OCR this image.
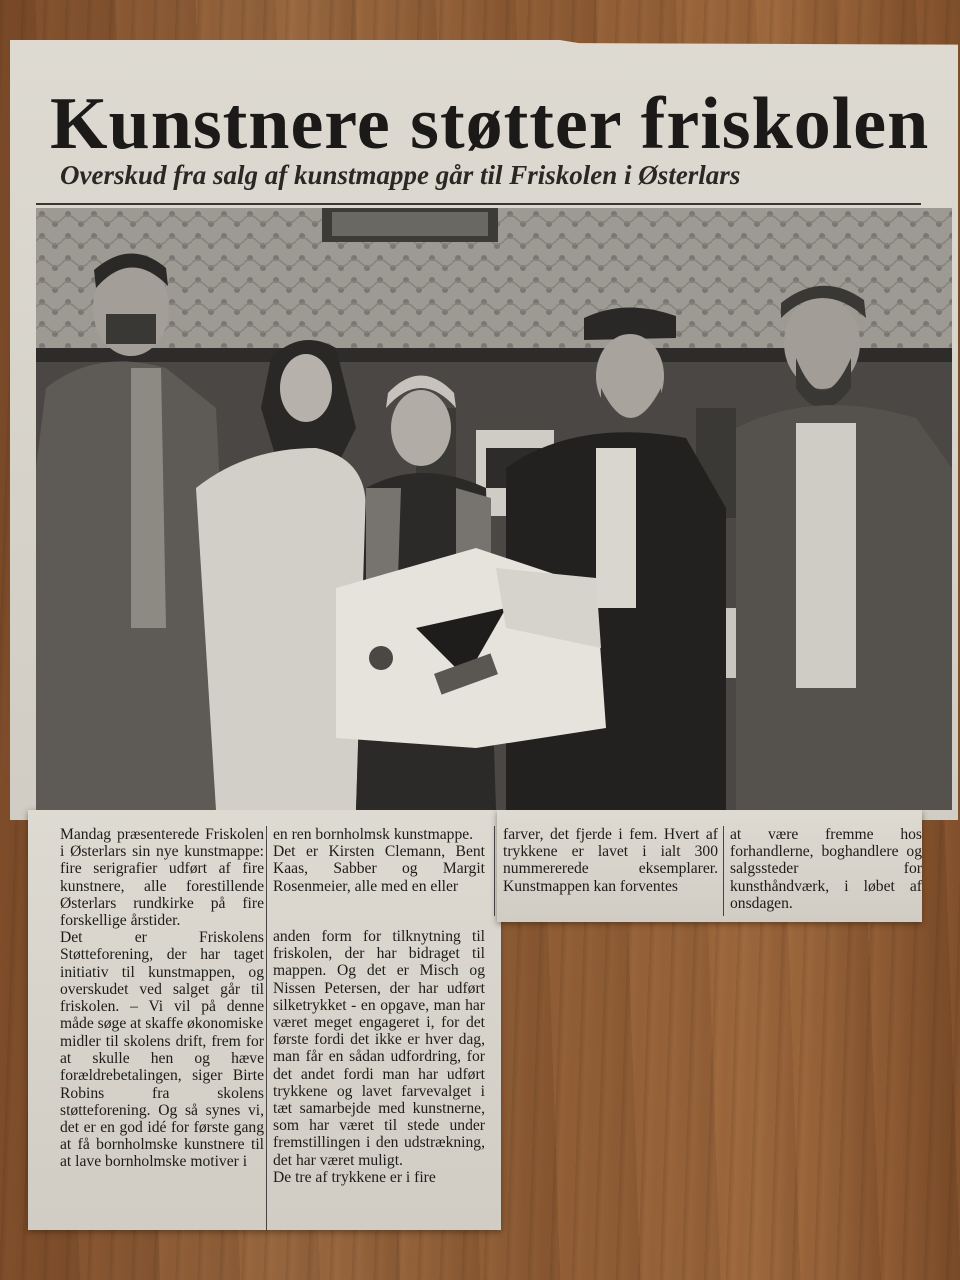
Kunstnere støtter friskolen
Overskud fra salg af kunstmappe går til Friskolen i Østerlars

Mandag præsenterede Friskolen i Østerlars sin nye kunstmappe: fire serigrafier udført af fire kunstnere, alle forestillende Østerlars rundkirke på fire forskellige årstider.
Det er Friskolens Støtteforening, der har taget initiativ til kunstmappen, og overskudet ved salget går til friskolen. – Vi vil på denne måde søge at skaffe økonomiske

midler til skolens drift, frem for at skulle hen og hæve forældrebetalingen, siger Birte Robins fra skolens støtteforening. Og så synes vi, det er en god idé for første gang at få bornholmske kunstnere til at lave bornholmske motiver i

en ren bornholmsk kunstmappe.
Det er Kirsten Clemann, Bent Kaas, Sabber og Margit Rosenmeier, alle med en eller

anden form for tilknytning til friskolen, der har bidraget til mappen. Og det er Misch og Nissen Petersen, der har udført silketrykket - en opgave, man har været meget engageret i, for det første fordi det ikke er hver dag, man får en sådan udfordring, for det andet fordi man har udført trykkene og lavet farvevalget i tæt samarbejde med kunstnerne, som har været til stede under fremstillingen i den udstrækning, det har været muligt.
De tre af trykkene er i fire

farver, det fjerde i fem. Hvert af trykkene er lavet i ialt 300 nummererede eksemplarer. Kunstmappen kan forventes

at være fremme hos forhandlerne, boghandlere og salgssteder for kunsthåndværk, i løbet af onsdagen.
